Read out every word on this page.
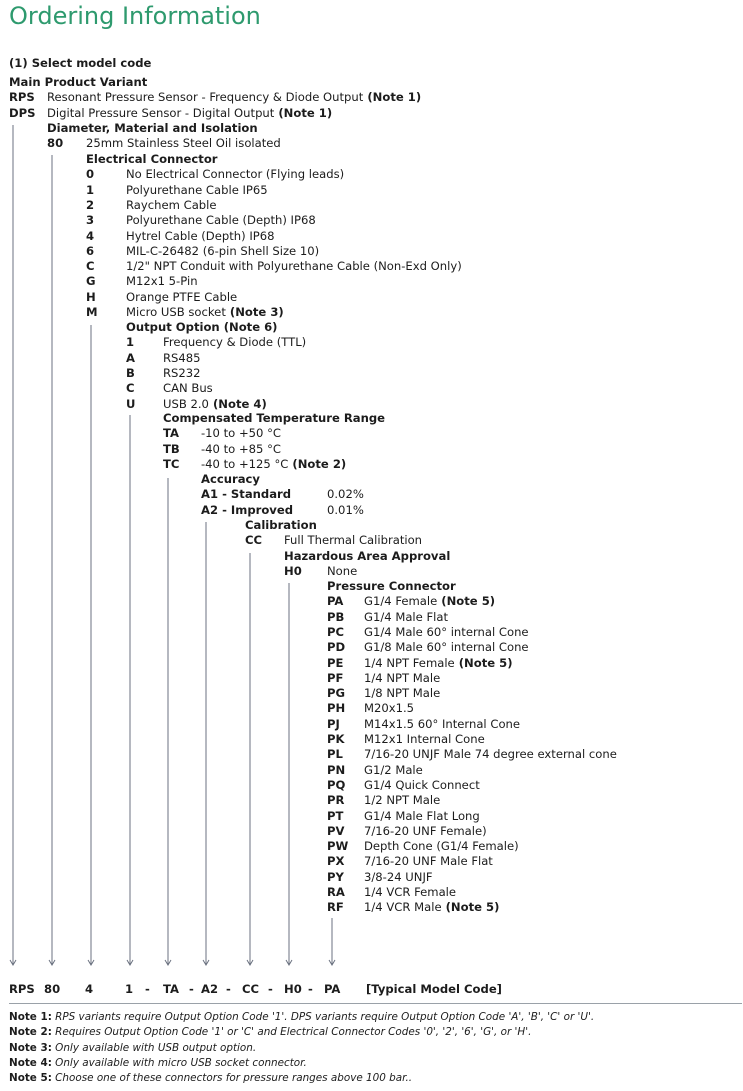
Ordering Information
(1) Select model code
Main Product Variant
RPS Resonant Pressure Sensor - Frequency & Diode Output (Note 1)
DPS Digital Pressure Sensor - Digital Output (Note 1)
Diameter, Material and Isolation
80 25mm Stainless Steel Oil isolated
Electrical Connector
0	No Electrical Connector (Flying leads)
1	Polyurethane Cable IP65
2	Raychem Cable
3	Polyurethane Cable (Depth) IP68
4	Hytrel Cable (Depth) IP68
6	MIL-C-26482 (6-pin Shell Size 10)
C	1/2" NPT Conduit with Polyurethane Cable (Non-Exd Only)
G	M12x1 5-Pin
H	Orange PTFE Cable
M Micro USB socket (Note 3)
Output Option (Note 6)
1 Frequency & Diode (TTL)
A RS485
B RS232
C CAN Bus
U USB 2.0 (Note 4)
Compensated Temperature Range
TA -10 to +50 °C
TB -40 to +85 °C
TC -40 to +125 °C (Note 2)
Accuracy
A1 - Standard	0.02%
A2 - Improved	0.01%
Calibration
CC Full Thermal Calibration
Hazardous Area Approval
H0 None
Pressure Connector
PA G1/4 Female (Note 5)
PB G1/4 Male Flat
PC G1/4 Male 60° internal Cone
PD G1/8 Male 60° internal Cone
PE 1/4 NPT Female (Note 5)
PF 1/4 NPT Male
PG 1/8 NPT Male
PH M20x1.5
PJ M14x1.5 60° Internal Cone
PK M12x1 Internal Cone
PL 7/16-20 UNJF Male 74 degree external cone
PN G1/2 Male
PQ G1/4 Quick Connect
PR 1/2 NPT Male
PT G1/4 Male Flat Long
PV 7/16-20 UNF Female)
PW Depth Cone (G1/4 Female)
PX 7/16-20 UNF Male Flat
PY 3/8-24 UNJF
RA 1/4 VCR Female
RF 1/4 VCR Male (Note 5)
RPS 80 4	1 - TA - A2 - CC - H0 - PA [Typical Model Code]
Note 1: RPS variants require Output Option Code '1'. DPS variants require Output Option Code 'A', 'B', 'C' or 'U'.
Note 2: Requires Output Option Code '1' or 'C' and Electrical Connector Codes '0', '2', '6', 'G', or 'H'.
Note 3: Only available with USB output option.
Note 4: Only available with micro USB socket connector.
Note 5: Choose one of these connectors for pressure ranges above 100 bar..
